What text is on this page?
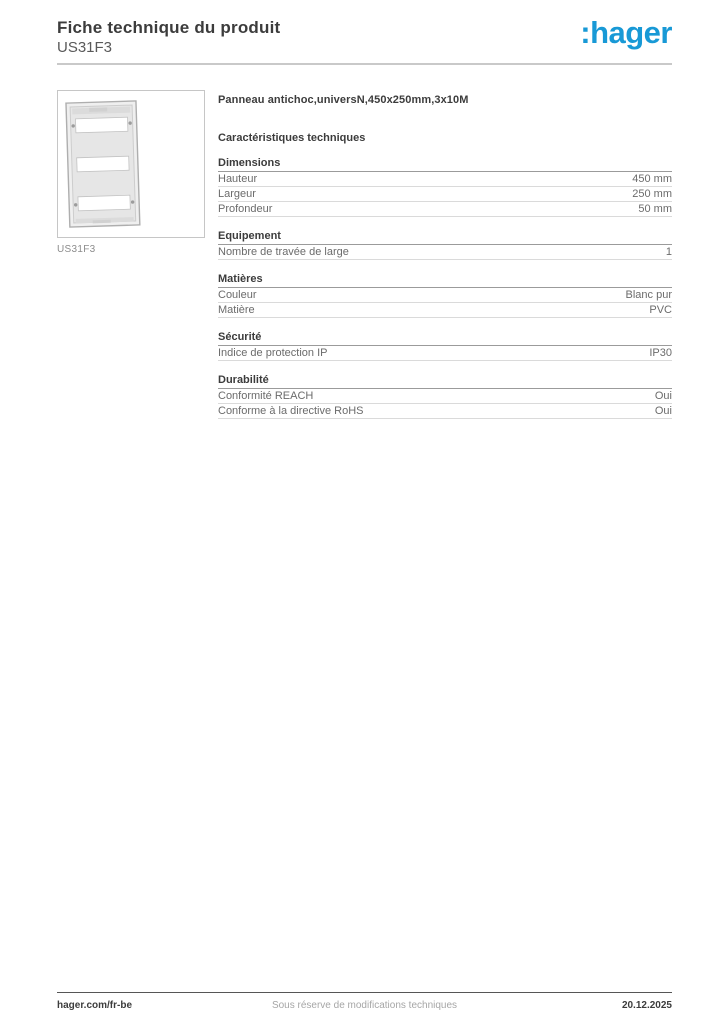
Fiche technique du produit
US31F3	:hager
US31F3
Panneau antichoc,universN,450x250mm,3x10M
Caractéristiques techniques
Dimensions
Hauteur	450 mm
Largeur	250 mm
Profondeur	50 mm
Equipement
Nombre de travée de large	1
Matières
Couleur	Blanc pur
Matière	PVC
Sécurité
Indice de protection IP	IP30
Durabilité
Conformité REACH	Oui
Conforme à la directive RoHS	Oui
hager.com/fr-be	Sous réserve de modifications techniques	20.12.2025
